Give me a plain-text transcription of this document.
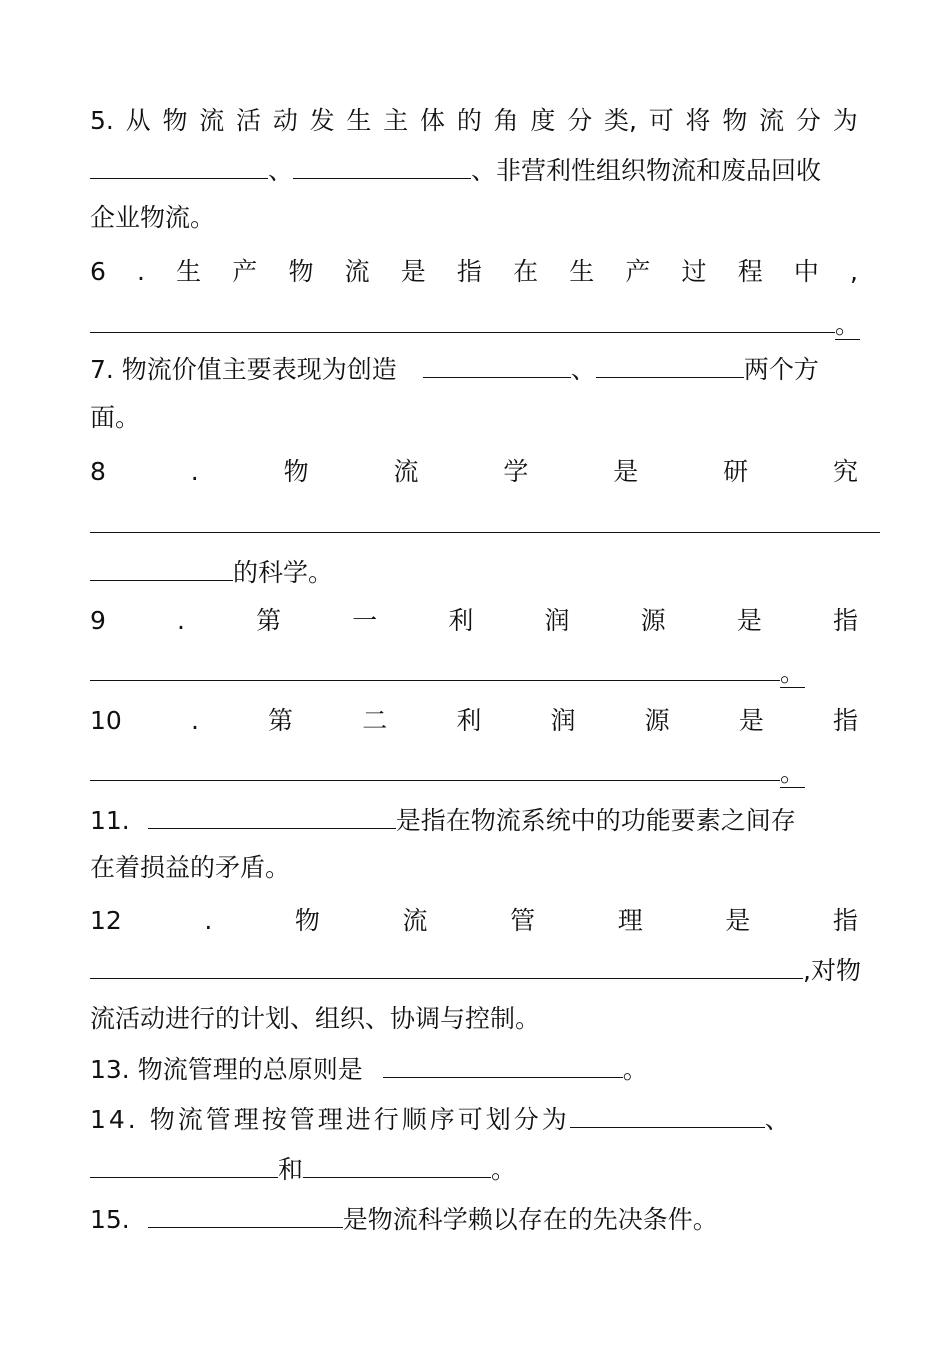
5. 从 物 流 活 动 发 生 主 体 的 角 度 分 类, 可 将 物 流 分 为
、	、非营利性组织物流和废品回收
企业物流。
6 . 生 产 物 流 是 指 在 生 产 过 程 中 ,
。
7. 物流价值主要表现为创造	、	两个方
面。
8	.	物	流	学	是	研	究
的科学。
9	.	第	一	利	润	源	是	指
。
10	.	第	二	利	润	源	是	指
。
11.	是指在物流系统中的功能要素之间存
在着损益的矛盾。
12	.	物	流	管	理	是	指
,对物
流活动进行的计划、组织、协调与控制。
13. 物流管理的总原则是	。
14. 物流管理按管理进行顺序可划分为	、
和	。
15.	是物流科学赖以存在的先决条件。
